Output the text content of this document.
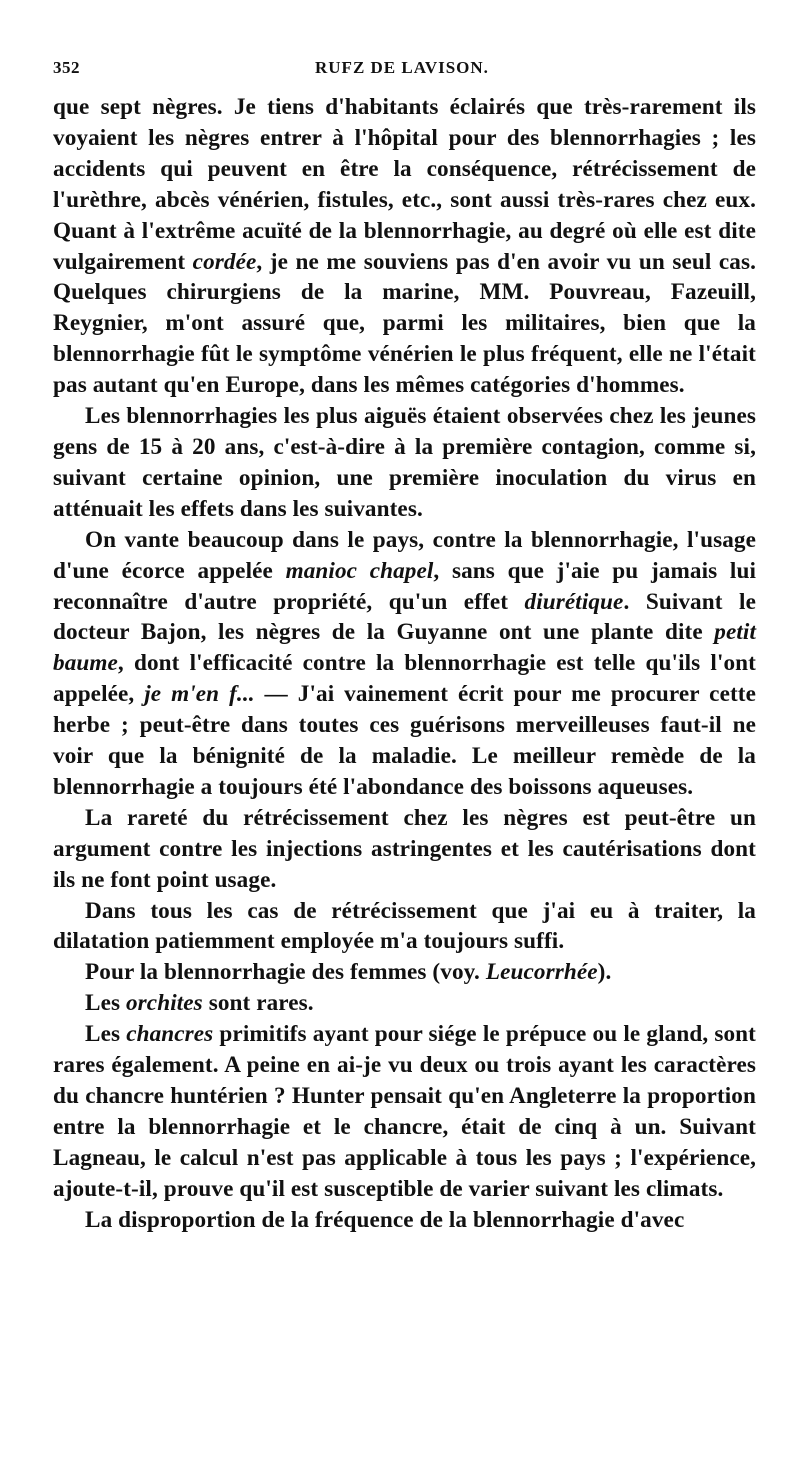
352	RUFZ DE LAVISON.

que sept nègres. Je tiens d'habitants éclairés que très-rarement ils voyaient les nègres entrer à l'hôpital pour des blennorrhagies ; les accidents qui peuvent en être la conséquence, rétrécissement de l'urèthre, abcès vénérien, fistules, etc., sont aussi très-rares chez eux. Quant à l'extrême acuïté de la blennorrhagie, au degré où elle est dite vulgairement cordée, je ne me souviens pas d'en avoir vu un seul cas. Quelques chirurgiens de la marine, MM. Pouvreau, Fazeuill, Reygnier, m'ont assuré que, parmi les militaires, bien que la blennorrhagie fût le symptôme vénérien le plus fréquent, elle ne l'était pas autant qu'en Europe, dans les mêmes catégories d'hommes.

Les blennorrhagies les plus aiguës étaient observées chez les jeunes gens de 15 à 20 ans, c'est-à-dire à la première contagion, comme si, suivant certaine opinion, une première inoculation du virus en atténuait les effets dans les suivantes.

On vante beaucoup dans le pays, contre la blennorrhagie, l'usage d'une écorce appelée manioc chapel, sans que j'aie pu jamais lui reconnaître d'autre propriété, qu'un effet diurétique. Suivant le docteur Bajon, les nègres de la Guyanne ont une plante dite petit baume, dont l'efficacité contre la blennorrhagie est telle qu'ils l'ont appelée, je m'en f... — J'ai vainement écrit pour me procurer cette herbe ; peut-être dans toutes ces guérisons merveilleuses faut-il ne voir que la bénignité de la maladie. Le meilleur remède de la blennorrhagie a toujours été l'abondance des boissons aqueuses.

La rareté du rétrécissement chez les nègres est peut-être un argument contre les injections astringentes et les cautérisations dont ils ne font point usage.

Dans tous les cas de rétrécissement que j'ai eu à traiter, la dilatation patiemment employée m'a toujours suffi.

Pour la blennorrhagie des femmes (voy. Leucorrhée).

Les orchites sont rares.

Les chancres primitifs ayant pour siége le prépuce ou le gland, sont rares également. A peine en ai-je vu deux ou trois ayant les caractères du chancre huntérien ? Hunter pensait qu'en Angleterre la proportion entre la blennorrhagie et le chancre, était de cinq à un. Suivant Lagneau, le calcul n'est pas applicable à tous les pays ; l'expérience, ajoute-t-il, prouve qu'il est susceptible de varier suivant les climats.

La disproportion de la fréquence de la blennorrhagie d'avec
